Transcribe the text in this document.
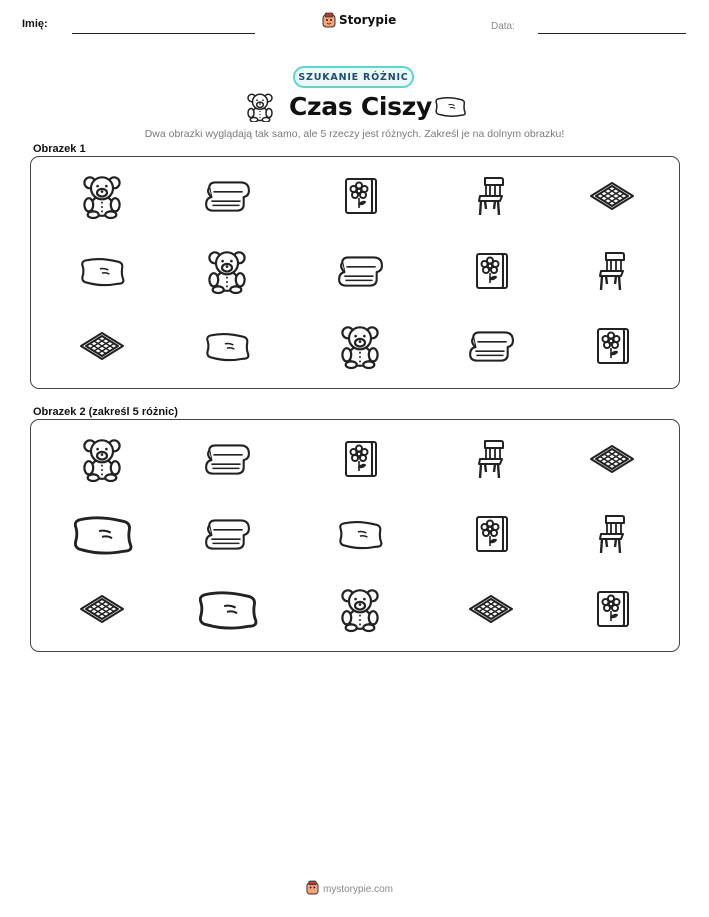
Imię:	Storypie	Data:
SZUKANIE RÓŻNIC
Czas Ciszy
Dwa obrazki wyglądają tak samo, ale 5 rzeczy jest różnych. Zakreśl je na dolnym obrazku!
Obrazek 1
Obrazek 2 (zakreśl 5 różnic)
mystorypie.com
